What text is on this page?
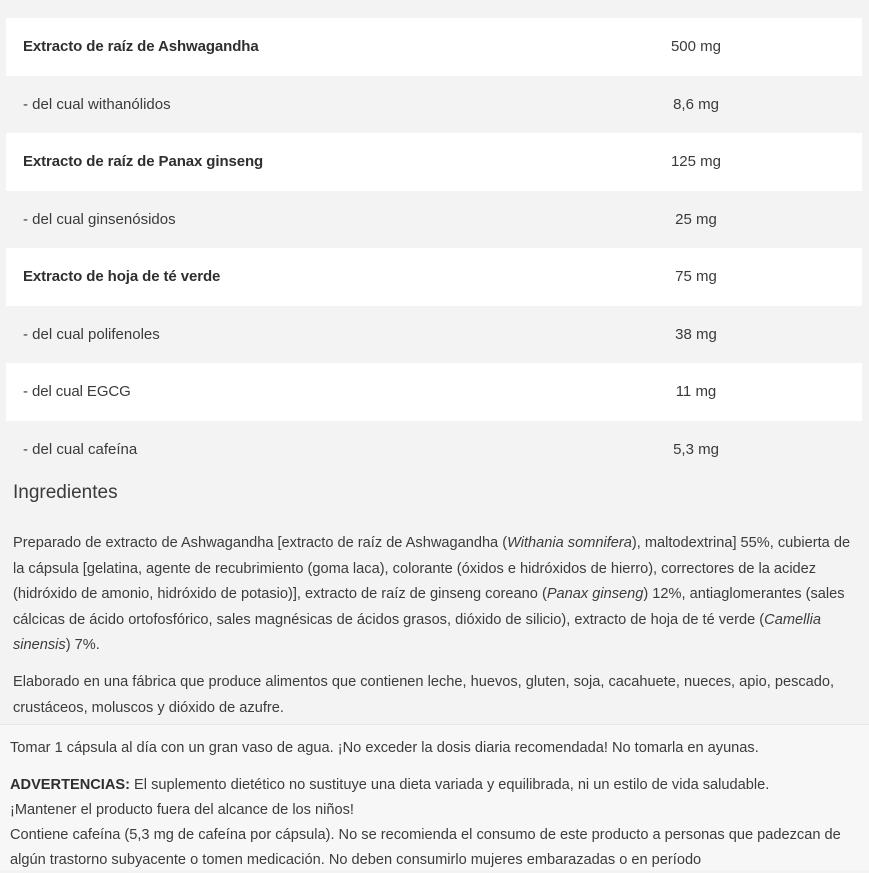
Extracto de raíz de Ashwagandha	500 mg
- del cual withanólidos	8,6 mg
Extracto de raíz de Panax ginseng	125 mg
- del cual ginsenósidos	25 mg
Extracto de hoja de té verde	75 mg
- del cual polifenoles	38 mg
- del cual EGCG	11 mg
- del cual cafeína	5,3 mg
Ingredientes

Preparado de extracto de Ashwagandha [extracto de raíz de Ashwagandha (Withania somnifera), maltodextrina] 55%, cubierta de la cápsula [gelatina, agente de recubrimiento (goma laca), colorante (óxidos e hidróxidos de hierro), correctores de la acidez (hidróxido de amonio, hidróxido de potasio)], extracto de raíz de ginseng coreano (Panax ginseng) 12%, antiaglomerantes (sales cálcicas de ácido ortofosfórico, sales magnésicas de ácidos grasos, dióxido de silicio), extracto de hoja de té verde (Camellia sinensis) 7%.

Elaborado en una fábrica que produce alimentos que contienen leche, huevos, gluten, soja, cacahuete, nueces, apio, pescado, crustáceos, moluscos y dióxido de azufre.

Tomar 1 cápsula al día con un gran vaso de agua. ¡No exceder la dosis diaria recomendada! No tomarla en ayunas.

ADVERTENCIAS: El suplemento dietético no sustituye una dieta variada y equilibrada, ni un estilo de vida saludable.
¡Mantener el producto fuera del alcance de los niños!
Contiene cafeína (5,3 mg de cafeína por cápsula). No se recomienda el consumo de este producto a personas que padezcan de algún trastorno subyacente o tomen medicación. No deben consumirlo mujeres embarazadas o en período
